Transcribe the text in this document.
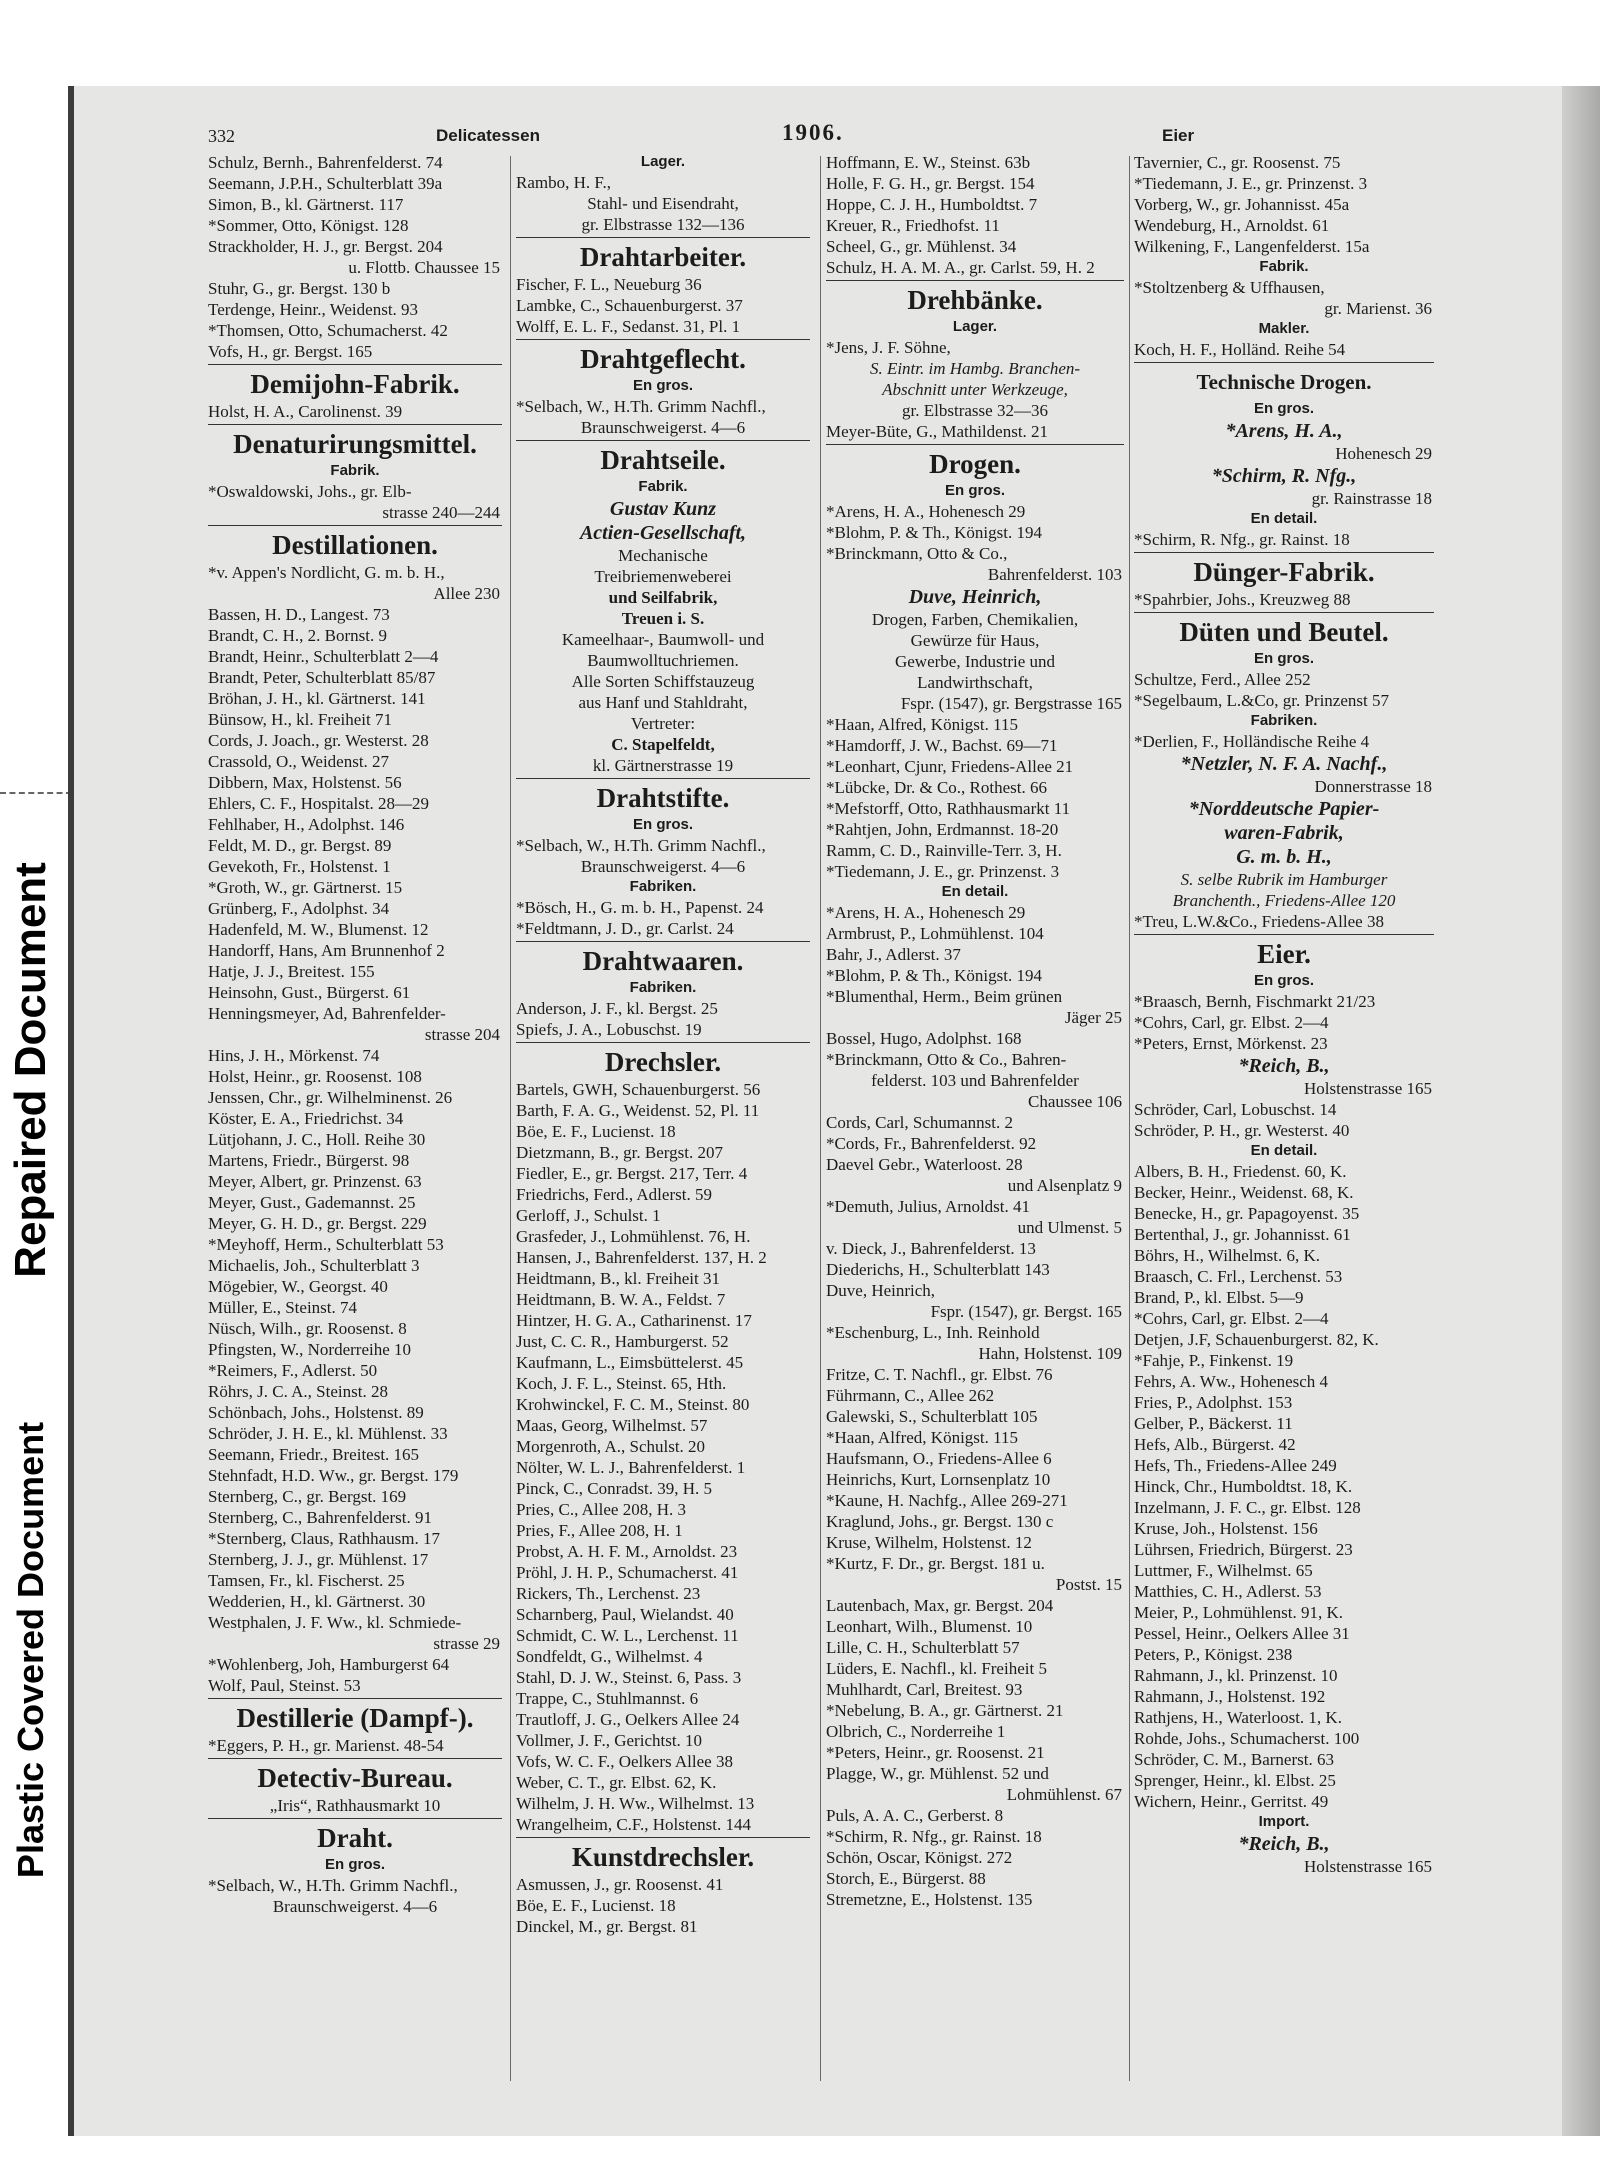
Repaired Document
Plastic Covered Document
332	Delicatessen	1906.	Eier
Schulz, Bernh., Bahrenfelderst. 74
Seemann, J.P.H., Schulterblatt 39a
Simon, B., kl. Gärtnerst. 117
*Sommer, Otto, Königst. 128
Strackholder, H. J., gr. Bergst. 204
u. Flottb. Chaussee 15
Stuhr, G., gr. Bergst. 130 b
Terdenge, Heinr., Weidenst. 93
*Thomsen, Otto, Schumacherst. 42
Vofs, H., gr. Bergst. 165
Demijohn-Fabrik.
Holst, H. A., Carolinenst. 39
Denaturirungsmittel.
Fabrik.
*Oswaldowski, Johs., gr. Elb-
strasse 240—244
Destillationen.
*v. Appen's Nordlicht, G. m. b. H.,
Allee 230
Bassen, H. D., Langest. 73
Brandt, C. H., 2. Bornst. 9
Brandt, Heinr., Schulterblatt 2—4
Brandt, Peter, Schulterblatt 85/87
Bröhan, J. H., kl. Gärtnerst. 141
Bünsow, H., kl. Freiheit 71
Cords, J. Joach., gr. Westerst. 28
Crassold, O., Weidenst. 27
Dibbern, Max, Holstenst. 56
Ehlers, C. F., Hospitalst. 28—29
Fehlhaber, H., Adolphst. 146
Feldt, M. D., gr. Bergst. 89
Gevekoth, Fr., Holstenst. 1
*Groth, W., gr. Gärtnerst. 15
Grünberg, F., Adolphst. 34
Hadenfeld, M. W., Blumenst. 12
Handorff, Hans, Am Brunnenhof 2
Hatje, J. J., Breitest. 155
Heinsohn, Gust., Bürgerst. 61
Henningsmeyer, Ad, Bahrenfelder-
strasse 204
Hins, J. H., Mörkenst. 74
Holst, Heinr., gr. Roosenst. 108
Jenssen, Chr., gr. Wilhelminenst. 26
Köster, E. A., Friedrichst. 34
Lütjohann, J. C., Holl. Reihe 30
Martens, Friedr., Bürgerst. 98
Meyer, Albert, gr. Prinzenst. 63
Meyer, Gust., Gademannst. 25
Meyer, G. H. D., gr. Bergst. 229
*Meyhoff, Herm., Schulterblatt 53
Michaelis, Joh., Schulterblatt 3
Mögebier, W., Georgst. 40
Müller, E., Steinst. 74
Nüsch, Wilh., gr. Roosenst. 8
Pfingsten, W., Norderreihe 10
*Reimers, F., Adlerst. 50
Röhrs, J. C. A., Steinst. 28
Schönbach, Johs., Holstenst. 89
Schröder, J. H. E., kl. Mühlenst. 33
Seemann, Friedr., Breitest. 165
Stehnfadt, H.D. Ww., gr. Bergst. 179
Sternberg, C., gr. Bergst. 169
Sternberg, C., Bahrenfelderst. 91
*Sternberg, Claus, Rathhausm. 17
Sternberg, J. J., gr. Mühlenst. 17
Tamsen, Fr., kl. Fischerst. 25
Wedderien, H., kl. Gärtnerst. 30
Westphalen, J. F. Ww., kl. Schmiede-
strasse 29
*Wohlenberg, Joh, Hamburgerst 64
Wolf, Paul, Steinst. 53
Destillerie (Dampf-).
*Eggers, P. H., gr. Marienst. 48-54
Detectiv-Bureau.
„Iris“, Rathhausmarkt 10
Draht.
En gros.
*Selbach, W., H.Th. Grimm Nachfl.,
Braunschweigerst. 4—6
Lager.
Rambo, H. F.,
Stahl- und Eisendraht,
gr. Elbstrasse 132—136
Drahtarbeiter.
Fischer, F. L., Neueburg 36
Lambke, C., Schauenburgerst. 37
Wolff, E. L. F., Sedanst. 31, Pl. 1
Drahtgeflecht.
En gros.
*Selbach, W., H.Th. Grimm Nachfl.,
Braunschweigerst. 4—6
Drahtseile.
Fabrik.
Gustav Kunz
Actien-Gesellschaft,
Mechanische
Treibriemenweberei
und Seilfabrik,
Treuen i. S.
Kameelhaar-, Baumwoll- und
Baumwolltuchriemen.
Alle Sorten Schiffstauzeug
aus Hanf und Stahldraht,
Vertreter:
C. Stapelfeldt,
kl. Gärtnerstrasse 19
Drahtstifte.
En gros.
*Selbach, W., H.Th. Grimm Nachfl.,
Braunschweigerst. 4—6
Fabriken.
*Bösch, H., G. m. b. H., Papenst. 24
*Feldtmann, J. D., gr. Carlst. 24
Drahtwaaren.
Fabriken.
Anderson, J. F., kl. Bergst. 25
Spiefs, J. A., Lobuschst. 19
Drechsler.
Bartels, GWH, Schauenburgerst. 56
Barth, F. A. G., Weidenst. 52, Pl. 11
Böe, E. F., Lucienst. 18
Dietzmann, B., gr. Bergst. 207
Fiedler, E., gr. Bergst. 217, Terr. 4
Friedrichs, Ferd., Adlerst. 59
Gerloff, J., Schulst. 1
Grasfeder, J., Lohmühlenst. 76, H.
Hansen, J., Bahrenfelderst. 137, H. 2
Heidtmann, B., kl. Freiheit 31
Heidtmann, B. W. A., Feldst. 7
Hintzer, H. G. A., Catharinenst. 17
Just, C. C. R., Hamburgerst. 52
Kaufmann, L., Eimsbüttelerst. 45
Koch, J. F. L., Steinst. 65, Hth.
Krohwinckel, F. C. M., Steinst. 80
Maas, Georg, Wilhelmst. 57
Morgenroth, A., Schulst. 20
Nölter, W. L. J., Bahrenfelderst. 1
Pinck, C., Conradst. 39, H. 5
Pries, C., Allee 208, H. 3
Pries, F., Allee 208, H. 1
Probst, A. H. F. M., Arnoldst. 23
Pröhl, J. H. P., Schumacherst. 41
Rickers, Th., Lerchenst. 23
Scharnberg, Paul, Wielandst. 40
Schmidt, C. W. L., Lerchenst. 11
Sondfeldt, G., Wilhelmst. 4
Stahl, D. J. W., Steinst. 6, Pass. 3
Trappe, C., Stuhlmannst. 6
Trautloff, J. G., Oelkers Allee 24
Vollmer, J. F., Gerichtst. 10
Vofs, W. C. F., Oelkers Allee 38
Weber, C. T., gr. Elbst. 62, K.
Wilhelm, J. H. Ww., Wilhelmst. 13
Wrangelheim, C.F., Holstenst. 144
Kunstdrechsler.
Asmussen, J., gr. Roosenst. 41
Böe, E. F., Lucienst. 18
Dinckel, M., gr. Bergst. 81
Hoffmann, E. W., Steinst. 63b
Holle, F. G. H., gr. Bergst. 154
Hoppe, C. J. H., Humboldtst. 7
Kreuer, R., Friedhofst. 11
Scheel, G., gr. Mühlenst. 34
Schulz, H. A. M. A., gr. Carlst. 59, H. 2
Drehbänke.
Lager.
*Jens, J. F. Söhne,
S. Eintr. im Hambg. Branchen-
Abschnitt unter Werkzeuge,
gr. Elbstrasse 32—36
Meyer-Büte, G., Mathildenst. 21
Drogen.
En gros.
*Arens, H. A., Hohenesch 29
*Blohm, P. & Th., Königst. 194
*Brinckmann, Otto & Co.,
Bahrenfelderst. 103
Duve, Heinrich,
Drogen, Farben, Chemikalien,
Gewürze für Haus,
Gewerbe, Industrie und
Landwirthschaft,
Fspr. (1547), gr. Bergstrasse 165
*Haan, Alfred, Königst. 115
*Hamdorff, J. W., Bachst. 69—71
*Leonhart, Cjunr, Friedens-Allee 21
*Lübcke, Dr. & Co., Rothest. 66
*Mefstorff, Otto, Rathhausmarkt 11
*Rahtjen, John, Erdmannst. 18-20
Ramm, C. D., Rainville-Terr. 3, H.
*Tiedemann, J. E., gr. Prinzenst. 3
En detail.
*Arens, H. A., Hohenesch 29
Armbrust, P., Lohmühlenst. 104
Bahr, J., Adlerst. 37
*Blohm, P. & Th., Königst. 194
*Blumenthal, Herm., Beim grünen
Jäger 25
Bossel, Hugo, Adolphst. 168
*Brinckmann, Otto & Co., Bahren-
felderst. 103 und Bahrenfelder
Chaussee 106
Cords, Carl, Schumannst. 2
*Cords, Fr., Bahrenfelderst. 92
Daevel Gebr., Waterloost. 28
und Alsenplatz 9
*Demuth, Julius, Arnoldst. 41
und Ulmenst. 5
v. Dieck, J., Bahrenfelderst. 13
Diederichs, H., Schulterblatt 143
Duve, Heinrich,
Fspr. (1547), gr. Bergst. 165
*Eschenburg, L., Inh. Reinhold
Hahn, Holstenst. 109
Fritze, C. T. Nachfl., gr. Elbst. 76
Führmann, C., Allee 262
Galewski, S., Schulterblatt 105
*Haan, Alfred, Königst. 115
Haufsmann, O., Friedens-Allee 6
Heinrichs, Kurt, Lornsenplatz 10
*Kaune, H. Nachfg., Allee 269-271
Kraglund, Johs., gr. Bergst. 130 c
Kruse, Wilhelm, Holstenst. 12
*Kurtz, F. Dr., gr. Bergst. 181 u.
Postst. 15
Lautenbach, Max, gr. Bergst. 204
Leonhart, Wilh., Blumenst. 10
Lille, C. H., Schulterblatt 57
Lüders, E. Nachfl., kl. Freiheit 5
Muhlhardt, Carl, Breitest. 93
*Nebelung, B. A., gr. Gärtnerst. 21
Olbrich, C., Norderreihe 1
*Peters, Heinr., gr. Roosenst. 21
Plagge, W., gr. Mühlenst. 52 und
Lohmühlenst. 67
Puls, A. A. C., Gerberst. 8
*Schirm, R. Nfg., gr. Rainst. 18
Schön, Oscar, Königst. 272
Storch, E., Bürgerst. 88
Stremetzne, E., Holstenst. 135
Tavernier, C., gr. Roosenst. 75
*Tiedemann, J. E., gr. Prinzenst. 3
Vorberg, W., gr. Johannisst. 45a
Wendeburg, H., Arnoldst. 61
Wilkening, F., Langenfelderst. 15a
Fabrik.
*Stoltzenberg & Uffhausen,
gr. Marienst. 36
Makler.
Koch, H. F., Holländ. Reihe 54
Technische Drogen.
En gros.
*Arens, H. A.,
Hohenesch 29
*Schirm, R. Nfg.,
gr. Rainstrasse 18
En detail.
*Schirm, R. Nfg., gr. Rainst. 18
Dünger-Fabrik.
*Spahrbier, Johs., Kreuzweg 88
Düten und Beutel.
En gros.
Schultze, Ferd., Allee 252
*Segelbaum, L.&Co, gr. Prinzenst 57
Fabriken.
*Derlien, F., Holländische Reihe 4
*Netzler, N. F. A. Nachf.,
Donnerstrasse 18
*Norddeutsche Papier-
waren-Fabrik,
G. m. b. H.,
S. selbe Rubrik im Hamburger
Branchenth., Friedens-Allee 120
*Treu, L.W.&Co., Friedens-Allee 38
Eier.
En gros.
*Braasch, Bernh, Fischmarkt 21/23
*Cohrs, Carl, gr. Elbst. 2—4
*Peters, Ernst, Mörkenst. 23
*Reich, B.,
Holstenstrasse 165
Schröder, Carl, Lobuschst. 14
Schröder, P. H., gr. Westerst. 40
En detail.
Albers, B. H., Friedenst. 60, K.
Becker, Heinr., Weidenst. 68, K.
Benecke, H., gr. Papagoyenst. 35
Bertenthal, J., gr. Johannisst. 61
Böhrs, H., Wilhelmst. 6, K.
Braasch, C. Frl., Lerchenst. 53
Brand, P., kl. Elbst. 5—9
*Cohrs, Carl, gr. Elbst. 2—4
Detjen, J.F, Schauenburgerst. 82, K.
*Fahje, P., Finkenst. 19
Fehrs, A. Ww., Hohenesch 4
Fries, P., Adolphst. 153
Gelber, P., Bäckerst. 11
Hefs, Alb., Bürgerst. 42
Hefs, Th., Friedens-Allee 249
Hinck, Chr., Humboldtst. 18, K.
Inzelmann, J. F. C., gr. Elbst. 128
Kruse, Joh., Holstenst. 156
Lührsen, Friedrich, Bürgerst. 23
Luttmer, F., Wilhelmst. 65
Matthies, C. H., Adlerst. 53
Meier, P., Lohmühlenst. 91, K.
Pessel, Heinr., Oelkers Allee 31
Peters, P., Königst. 238
Rahmann, J., kl. Prinzenst. 10
Rahmann, J., Holstenst. 192
Rathjens, H., Waterloost. 1, K.
Rohde, Johs., Schumacherst. 100
Schröder, C. M., Barnerst. 63
Sprenger, Heinr., kl. Elbst. 25
Wichern, Heinr., Gerritst. 49
Import.
*Reich, B.,
Holstenstrasse 165
